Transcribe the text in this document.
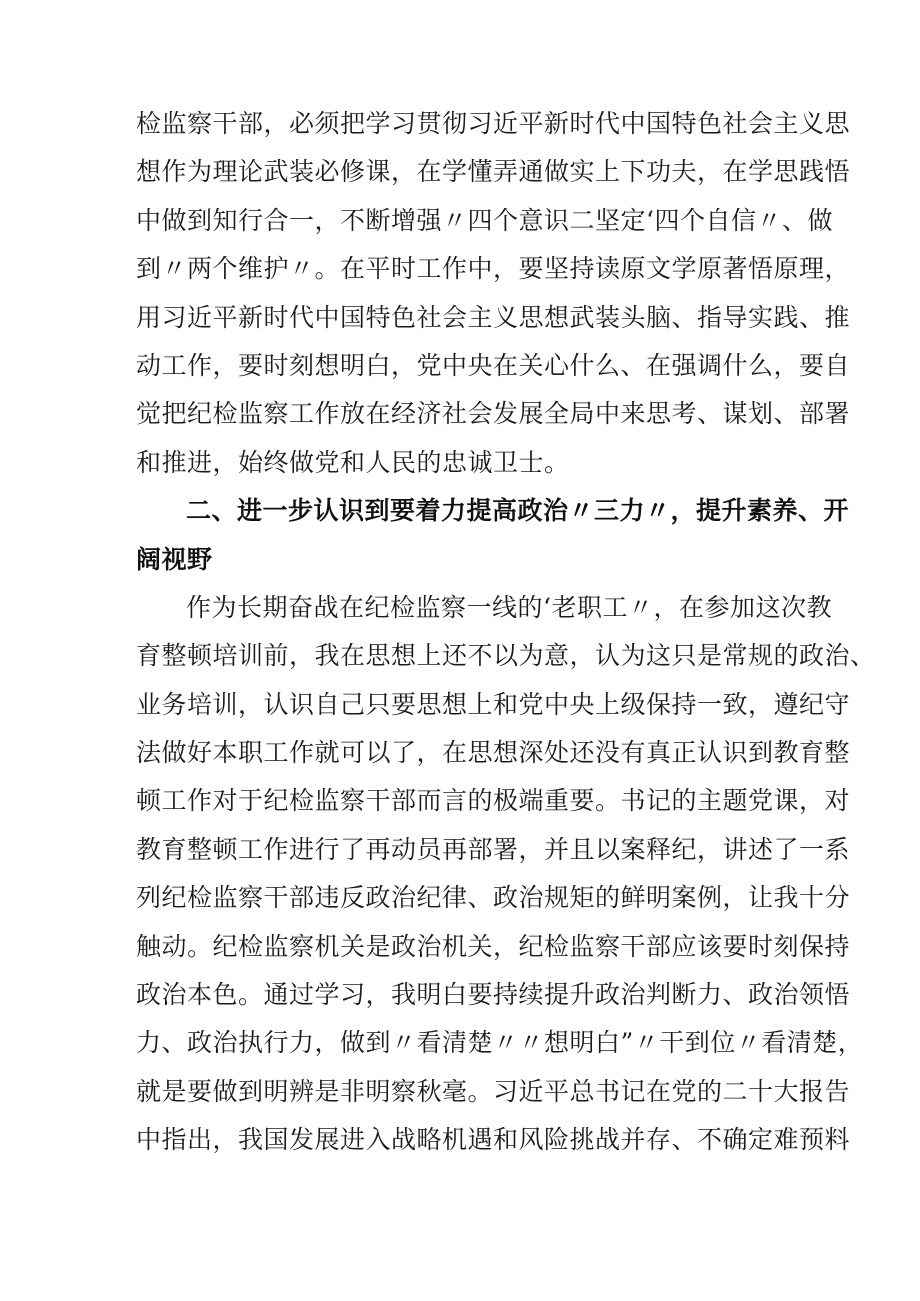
检监察干部，必须把学习贯彻习近平新时代中国特色社会主义思
想作为理论武装必修课，在学懂弄通做实上下功夫，在学思践悟
中做到知行合一，不断增强〃四个意识二坚定‘四个自信〃、做
到〃两个维护〃。在平时工作中，要坚持读原文学原著悟原理，
用习近平新时代中国特色社会主义思想武装头脑、指导实践、推
动工作，要时刻想明白，党中央在关心什么、在强调什么，要自
觉把纪检监察工作放在经济社会发展全局中来思考、谋划、部署
和推进，始终做党和人民的忠诚卫士。
二、进一步认识到要着力提高政治〃三力〃，提升素养、开
阔视野
作为长期奋战在纪检监察一线的‘老职工〃，在参加这次教
育整顿培训前，我在思想上还不以为意，认为这只是常规的政治、
业务培训，认识自己只要思想上和党中央上级保持一致，遵纪守
法做好本职工作就可以了，在思想深处还没有真正认识到教育整
顿工作对于纪检监察干部而言的极端重要。书记的主题党课，对
教育整顿工作进行了再动员再部署，并且以案释纪，讲述了一系
列纪检监察干部违反政治纪律、政治规矩的鲜明案例，让我十分
触动。纪检监察机关是政治机关，纪检监察干部应该要时刻保持
政治本色。通过学习，我明白要持续提升政治判断力、政治领悟
力、政治执行力，做到〃看清楚〃〃想明白”〃干到位〃看清楚，
就是要做到明辨是非明察秋毫。习近平总书记在党的二十大报告
中指出，我国发展进入战略机遇和风险挑战并存、不确定难预料
